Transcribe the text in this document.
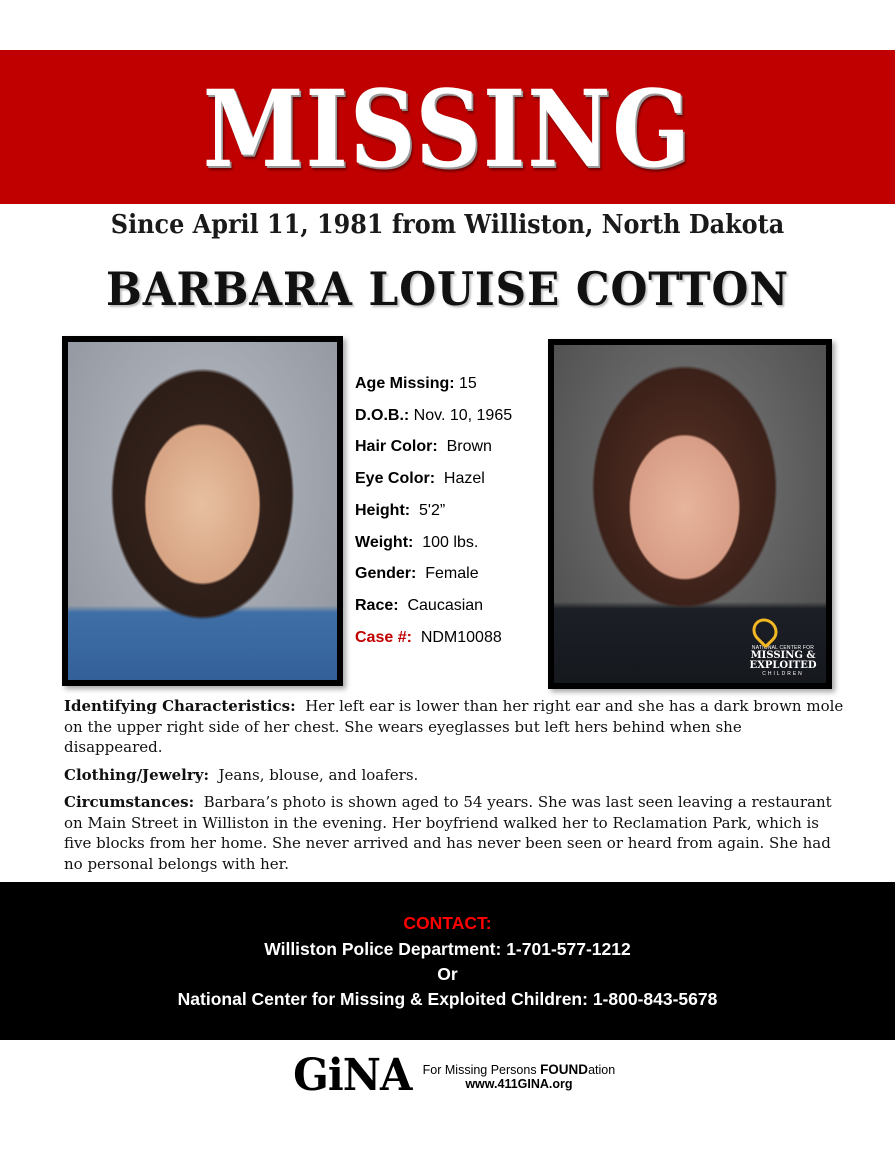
MISSING
Since April 11, 1981 from Williston, North Dakota
BARBARA LOUISE COTTON
Age Missing: 15
D.O.B.: Nov. 10, 1965
Hair Color: Brown
Eye Color: Hazel
Height: 5'2”
Weight: 100 lbs.
Gender: Female
Race: Caucasian
Case #: NDM10088
NATIONAL CENTER FOR
MISSING &
EXPLOITED
CHILDREN

Identifying Characteristics: Her left ear is lower than her right ear and she has a dark brown mole on the upper right side of her chest. She wears eyeglasses but left hers behind when she disappeared.

Clothing/Jewelry: Jeans, blouse, and loafers.

Circumstances: Barbara’s photo is shown aged to 54 years. She was last seen leaving a restaurant on Main Street in Williston in the evening. Her boyfriend walked her to Reclamation Park, which is five blocks from her home. She never arrived and has never been seen or heard from again. She had no personal belongs with her.

CONTACT:
Williston Police Department: 1-701-577-1212
Or
National Center for Missing & Exploited Children: 1-800-843-5678
GiNA For Missing Persons FOUNDation
www.411GINA.org
